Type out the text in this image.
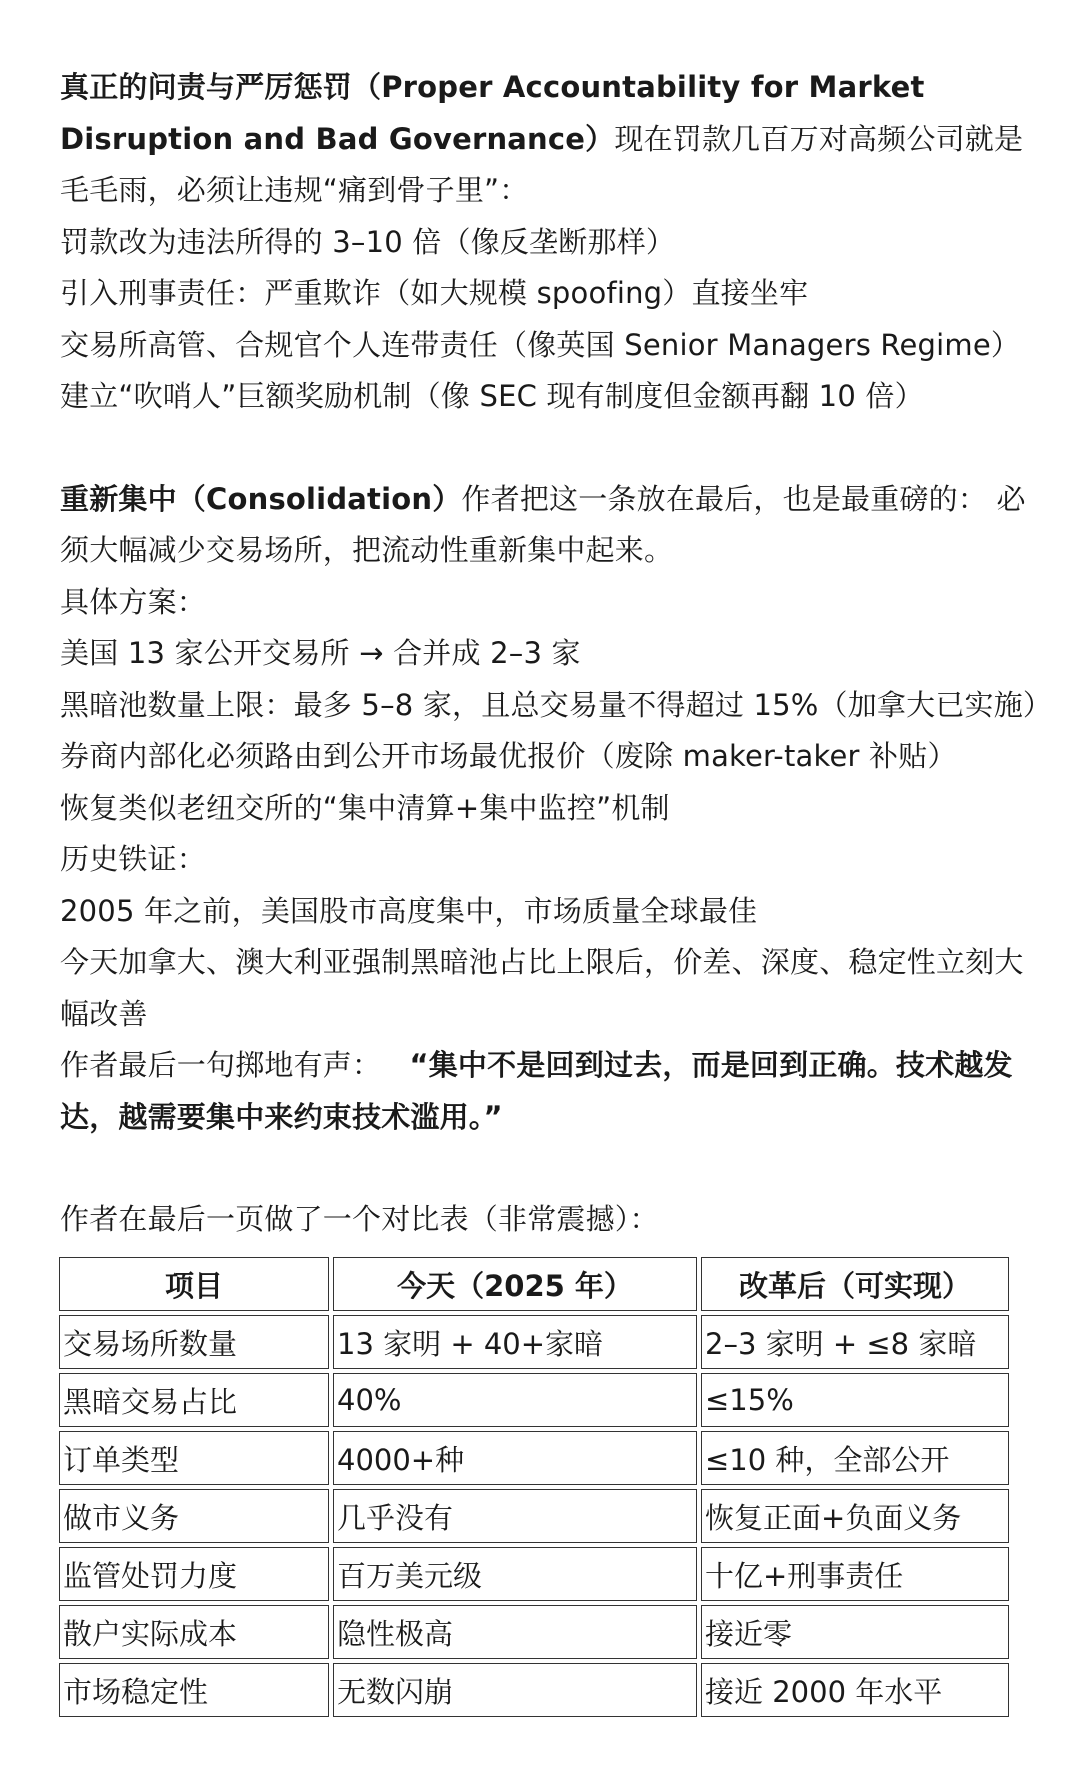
真正的问责与严厉惩罚（Proper Accountability for Market Disruption and Bad Governance）现在罚款几百万对高频公司就是毛毛雨，必须让违规“痛到骨子里”：
罚款改为违法所得的 3–10 倍（像反垄断那样）
引入刑事责任：严重欺诈（如大规模 spoofing）直接坐牢
交易所高管、合规官个人连带责任（像英国 Senior Managers Regime）
建立“吹哨人”巨额奖励机制（像 SEC 现有制度但金额再翻 10 倍）
重新集中（Consolidation）作者把这一条放在最后，也是最重磅的： 必须大幅减少交易场所，把流动性重新集中起来。
具体方案：
美国 13 家公开交易所 → 合并成 2–3 家
黑暗池数量上限：最多 5–8 家，且总交易量不得超过 15%（加拿大已实施）券商内部化必须路由到公开市场最优报价（废除 maker-taker 补贴）
恢复类似老纽交所的“集中清算+集中监控”机制
历史铁证：
2005 年之前，美国股市高度集中，市场质量全球最佳
今天加拿大、澳大利亚强制黑暗池占比上限后，价差、深度、稳定性立刻大幅改善
作者最后一句掷地有声： “集中不是回到过去，而是回到正确。技术越发达，越需要集中来约束技术滥用。”
作者在最后一页做了一个对比表（非常震撼）：
项目	今天（2025 年）	改革后（可实现）
交易场所数量	13 家明 + 40+家暗	2–3 家明 + ≤8 家暗
黑暗交易占比	40%	≤15%
订单类型	4000+种	≤10 种，全部公开
做市义务	几乎没有	恢复正面+负面义务
监管处罚力度	百万美元级	十亿+刑事责任
散户实际成本	隐性极高	接近零
市场稳定性	无数闪崩	接近 2000 年水平
